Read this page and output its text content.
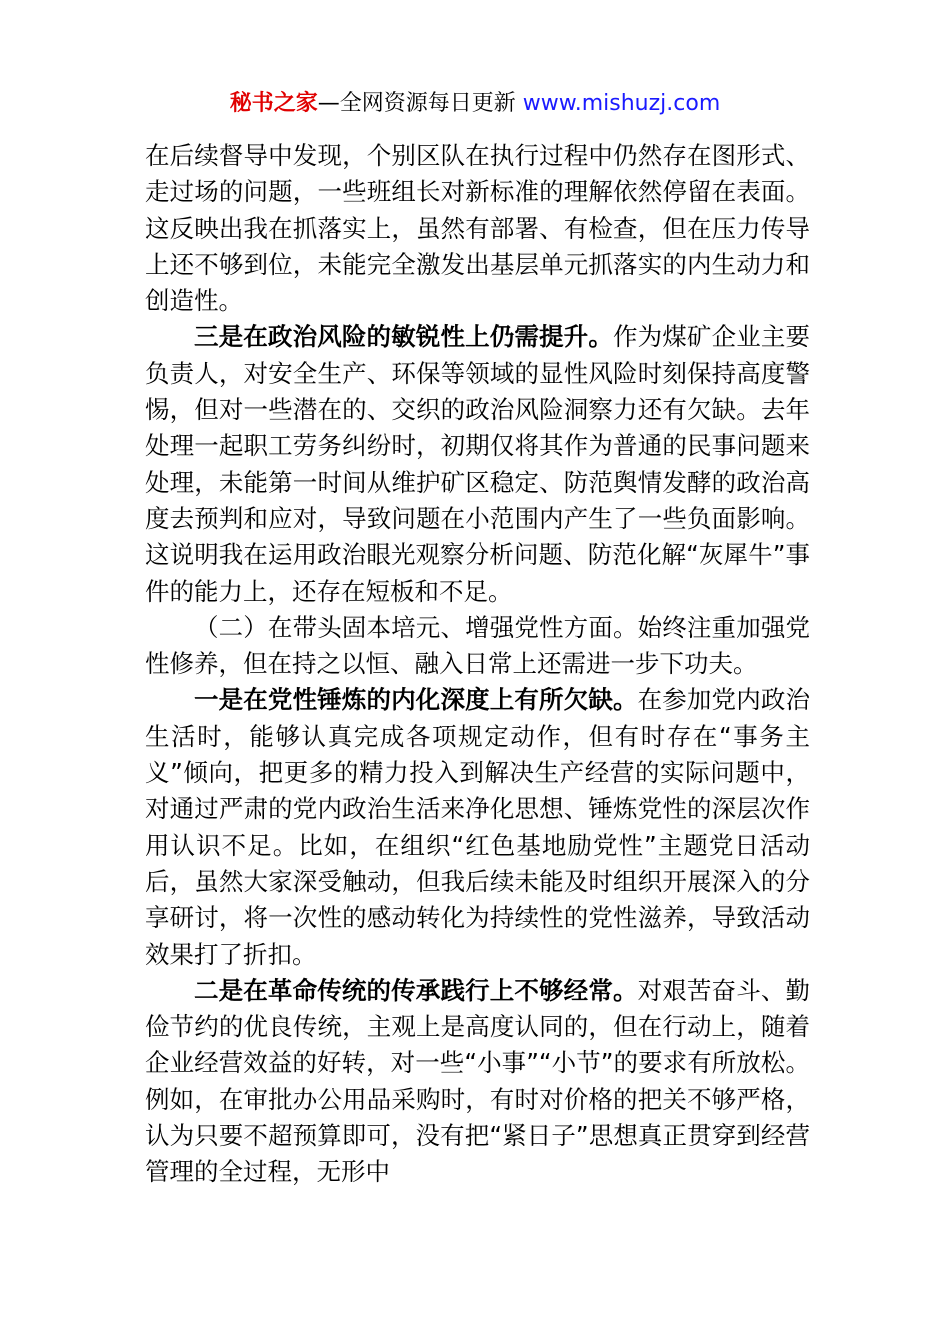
秘书之家—全网资源每日更新 www.mishuzj.com

在后续督导中发现，个别区队在执行过程中仍然存在图形式、走过场的问题，一些班组长对新标准的理解依然停留在表面。这反映出我在抓落实上，虽然有部署、有检查，但在压力传导上还不够到位，未能完全激发出基层单元抓落实的内生动力和创造性。

三是在政治风险的敏锐性上仍需提升。作为煤矿企业主要负责人，对安全生产、环保等领域的显性风险时刻保持高度警惕，但对一些潜在的、交织的政治风险洞察力还有欠缺。去年处理一起职工劳务纠纷时，初期仅将其作为普通的民事问题来处理，未能第一时间从维护矿区稳定、防范舆情发酵的政治高度去预判和应对，导致问题在小范围内产生了一些负面影响。这说明我在运用政治眼光观察分析问题、防范化解“灰犀牛”事件的能力上，还存在短板和不足。

（二）在带头固本培元、增强党性方面。始终注重加强党性修养，但在持之以恒、融入日常上还需进一步下功夫。

一是在党性锤炼的内化深度上有所欠缺。在参加党内政治生活时，能够认真完成各项规定动作，但有时存在“事务主义”倾向，把更多的精力投入到解决生产经营的实际问题中，对通过严肃的党内政治生活来净化思想、锤炼党性的深层次作用认识不足。比如，在组织“红色基地励党性”主题党日活动后，虽然大家深受触动，但我后续未能及时组织开展深入的分享研讨，将一次性的感动转化为持续性的党性滋养，导致活动效果打了折扣。

二是在革命传统的传承践行上不够经常。对艰苦奋斗、勤俭节约的优良传统，主观上是高度认同的，但在行动上，随着企业经营效益的好转，对一些“小事”“小节”的要求有所放松。例如，在审批办公用品采购时，有时对价格的把关不够严格，认为只要不超预算即可，没有把“紧日子”思想真正贯穿到经营管理的全过程，无形中
